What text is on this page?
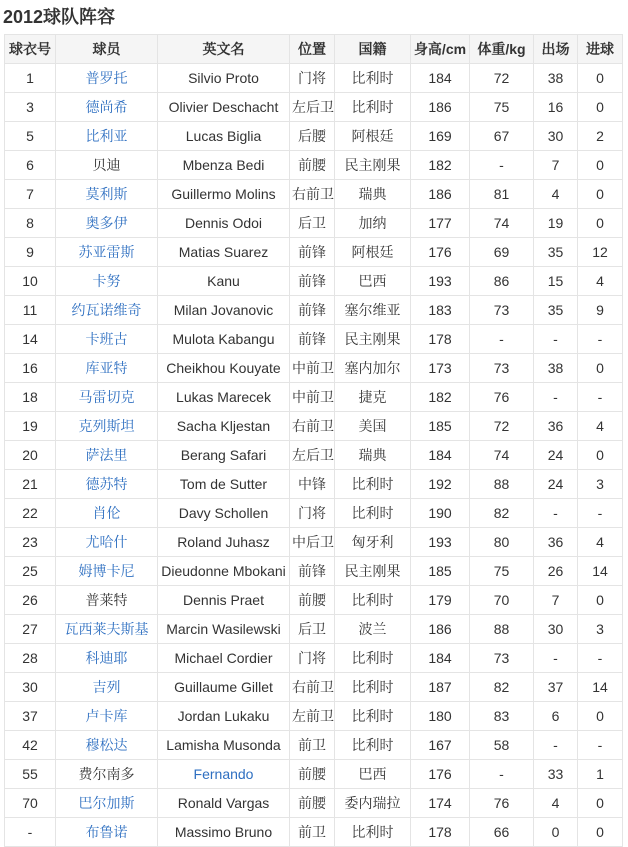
2012球队阵容
球衣号	球员	英文名	位置	国籍	身高/cm	体重/kg	出场	进球
1	普罗托	Silvio Proto	门将	比利时	184	72	38	0
3	德尚希	Olivier Deschacht	左后卫	比利时	186	75	16	0
5	比利亚	Lucas Biglia	后腰	阿根廷	169	67	30	2
6	贝迪	Mbenza Bedi	前腰	民主刚果	182	-	7	0
7	莫利斯	Guillermo Molins	右前卫	瑞典	186	81	4	0
8	奥多伊	Dennis Odoi	后卫	加纳	177	74	19	0
9	苏亚雷斯	Matias Suarez	前锋	阿根廷	176	69	35	12
10	卡努	Kanu	前锋	巴西	193	86	15	4
11	约瓦诺维奇	Milan Jovanovic	前锋	塞尔维亚	183	73	35	9
14	卡班古	Mulota Kabangu	前锋	民主刚果	178	-	-	-
16	库亚特	Cheikhou Kouyate	中前卫	塞内加尔	173	73	38	0
18	马雷切克	Lukas Marecek	中前卫	捷克	182	76	-	-
19	克列斯坦	Sacha Kljestan	右前卫	美国	185	72	36	4
20	萨法里	Berang Safari	左后卫	瑞典	184	74	24	0
21	德苏特	Tom de Sutter	中锋	比利时	192	88	24	3
22	肖伦	Davy Schollen	门将	比利时	190	82	-	-
23	尤哈什	Roland Juhasz	中后卫	匈牙利	193	80	36	4
25	姆博卡尼	Dieudonne Mbokani	前锋	民主刚果	185	75	26	14
26	普莱特	Dennis Praet	前腰	比利时	179	70	7	0
27	瓦西莱夫斯基	Marcin Wasilewski	后卫	波兰	186	88	30	3
28	科迪耶	Michael Cordier	门将	比利时	184	73	-	-
30	吉列	Guillaume Gillet	右前卫	比利时	187	82	37	14
37	卢卡库	Jordan Lukaku	左前卫	比利时	180	83	6	0
42	穆松达	Lamisha Musonda	前卫	比利时	167	58	-	-
55	费尔南多	Fernando	前腰	巴西	176	-	33	1
70	巴尔加斯	Ronald Vargas	前腰	委内瑞拉	174	76	4	0
-	布鲁诺	Massimo Bruno	前卫	比利时	178	66	0	0
